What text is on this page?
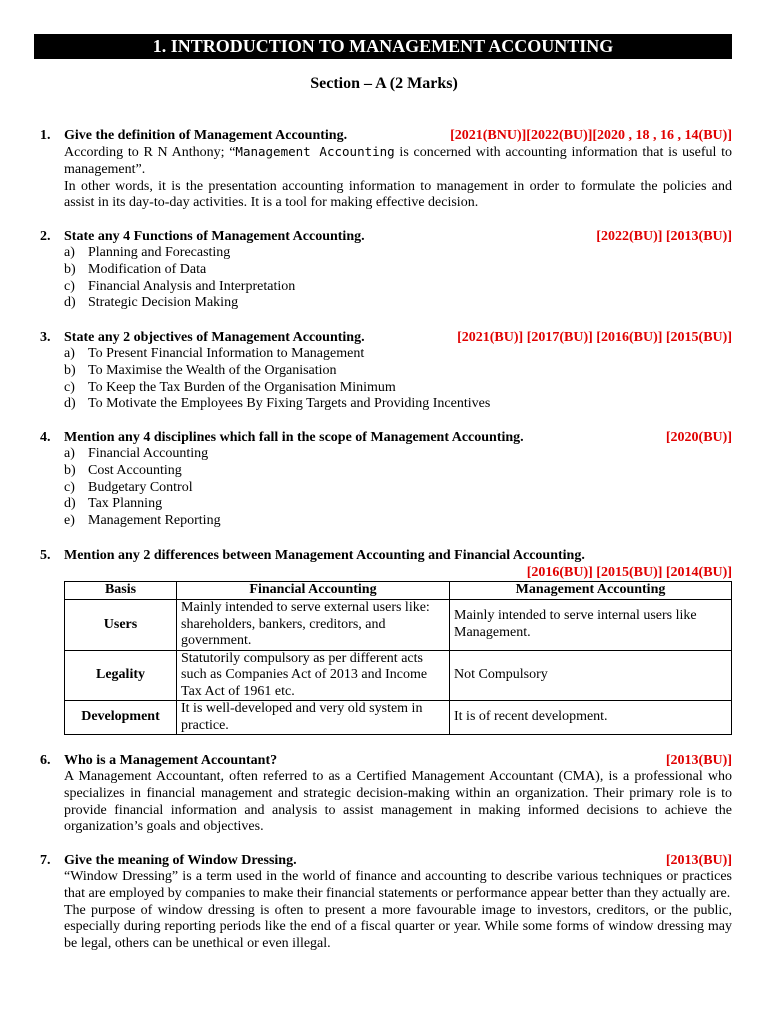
1. INTRODUCTION TO MANAGEMENT ACCOUNTING
Section – A (2 Marks)
1. Give the definition of Management Accounting.	[2021(BNU)][2022(BU)][2020 , 18 , 16 , 14(BU)]
According to R N Anthony; “Management Accounting is concerned with accounting information that is useful to management”.
In other words, it is the presentation accounting information to management in order to formulate the policies and assist in its day-to-day activities. It is a tool for making effective decision.
2. State any 4 Functions of Management Accounting.	[2022(BU)] [2013(BU)]
a) Planning and Forecasting
b) Modification of Data
c) Financial Analysis and Interpretation
d) Strategic Decision Making
3. State any 2 objectives of Management Accounting.	[2021(BU)] [2017(BU)] [2016(BU)] [2015(BU)]
a) To Present Financial Information to Management
b) To Maximise the Wealth of the Organisation
c) To Keep the Tax Burden of the Organisation Minimum
d) To Motivate the Employees By Fixing Targets and Providing Incentives
4. Mention any 4 disciplines which fall in the scope of Management Accounting.	[2020(BU)]
a) Financial Accounting
b) Cost Accounting
c) Budgetary Control
d) Tax Planning
e) Management Reporting
5. Mention any 2 differences between Management Accounting and Financial Accounting.
[2016(BU)] [2015(BU)] [2014(BU)]
Basis	Financial Accounting	Management Accounting
Users	Mainly intended to serve external users like: shareholders, bankers, creditors, and government.	Mainly intended to serve internal users like Management.
Legality	Statutorily compulsory as per different acts such as Companies Act of 2013 and Income Tax Act of 1961 etc.	Not Compulsory
Development	It is well-developed and very old system in practice.	It is of recent development.
6. Who is a Management Accountant?	[2013(BU)]
A Management Accountant, often referred to as a Certified Management Accountant (CMA), is a professional who specializes in financial management and strategic decision-making within an organization. Their primary role is to provide financial information and analysis to assist management in making informed decisions to achieve the organization’s goals and objectives.
7. Give the meaning of Window Dressing.	[2013(BU)]
“Window Dressing” is a term used in the world of finance and accounting to describe various techniques or practices that are employed by companies to make their financial statements or performance appear better than they actually are.
The purpose of window dressing is often to present a more favourable image to investors, creditors, or the public, especially during reporting periods like the end of a fiscal quarter or year. While some forms of window dressing may be legal, others can be unethical or even illegal.
